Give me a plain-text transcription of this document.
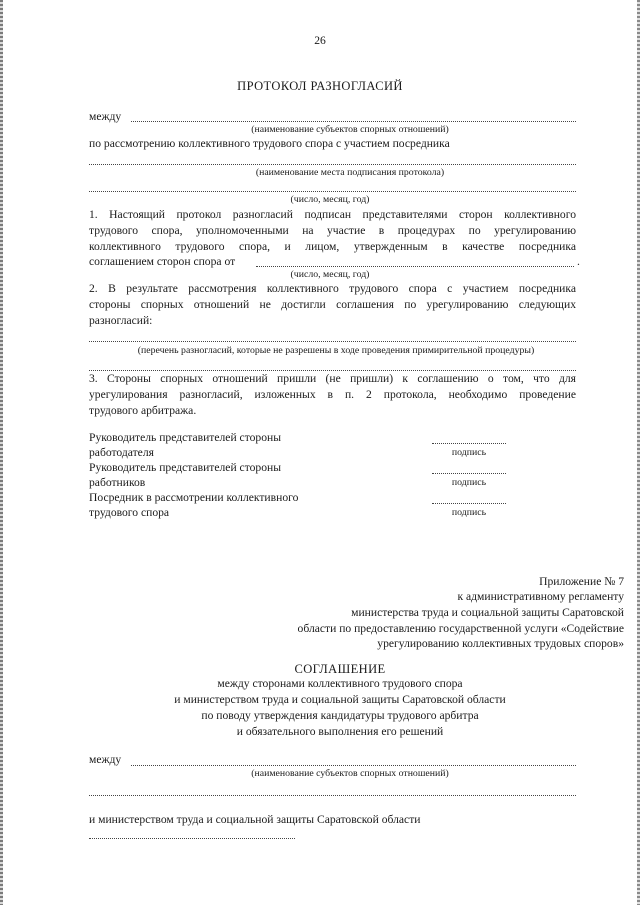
26
ПРОТОКОЛ РАЗНОГЛАСИЙ
между
(наименование субъектов спорных отношений)
по рассмотрению коллективного трудового спора с участием посредника
(наименование места подписания протокола)
(число, месяц, год)
1. Настоящий протокол разногласий подписан представителями сторон коллективного
трудового спора, уполномоченными на участие в процедурах по урегулированию
коллективного трудового спора, и лицом, утвержденным в качестве посредника
соглашением сторон спора от	.
(число, месяц, год)
2. В результате рассмотрения коллективного трудового спора с участием посредника
стороны спорных отношений не достигли соглашения по урегулированию следующих
разногласий:
(перечень разногласий, которые не разрешены в ходе проведения примирительной процедуры)
3. Стороны спорных отношений пришли (не пришли) к соглашению о том, что для
урегулирования разногласий, изложенных в п. 2 протокола, необходимо проведение
трудового арбитража.
Руководитель представителей стороны
работодателя	подпись
Руководитель представителей стороны
работников	подпись
Посредник в рассмотрении коллективного
трудового спора	подпись
Приложение № 7
к административному регламенту
министерства труда и социальной защиты Саратовской
области по предоставлению государственной услуги «Содействие
урегулированию коллективных трудовых споров»
СОГЛАШЕНИЕ
между сторонами коллективного трудового спора
и министерством труда и социальной защиты Саратовской области
по поводу утверждения кандидатуры трудового арбитра
и обязательного выполнения его решений
между
(наименование субъектов спорных отношений)
и министерством труда и социальной защиты Саратовской области
